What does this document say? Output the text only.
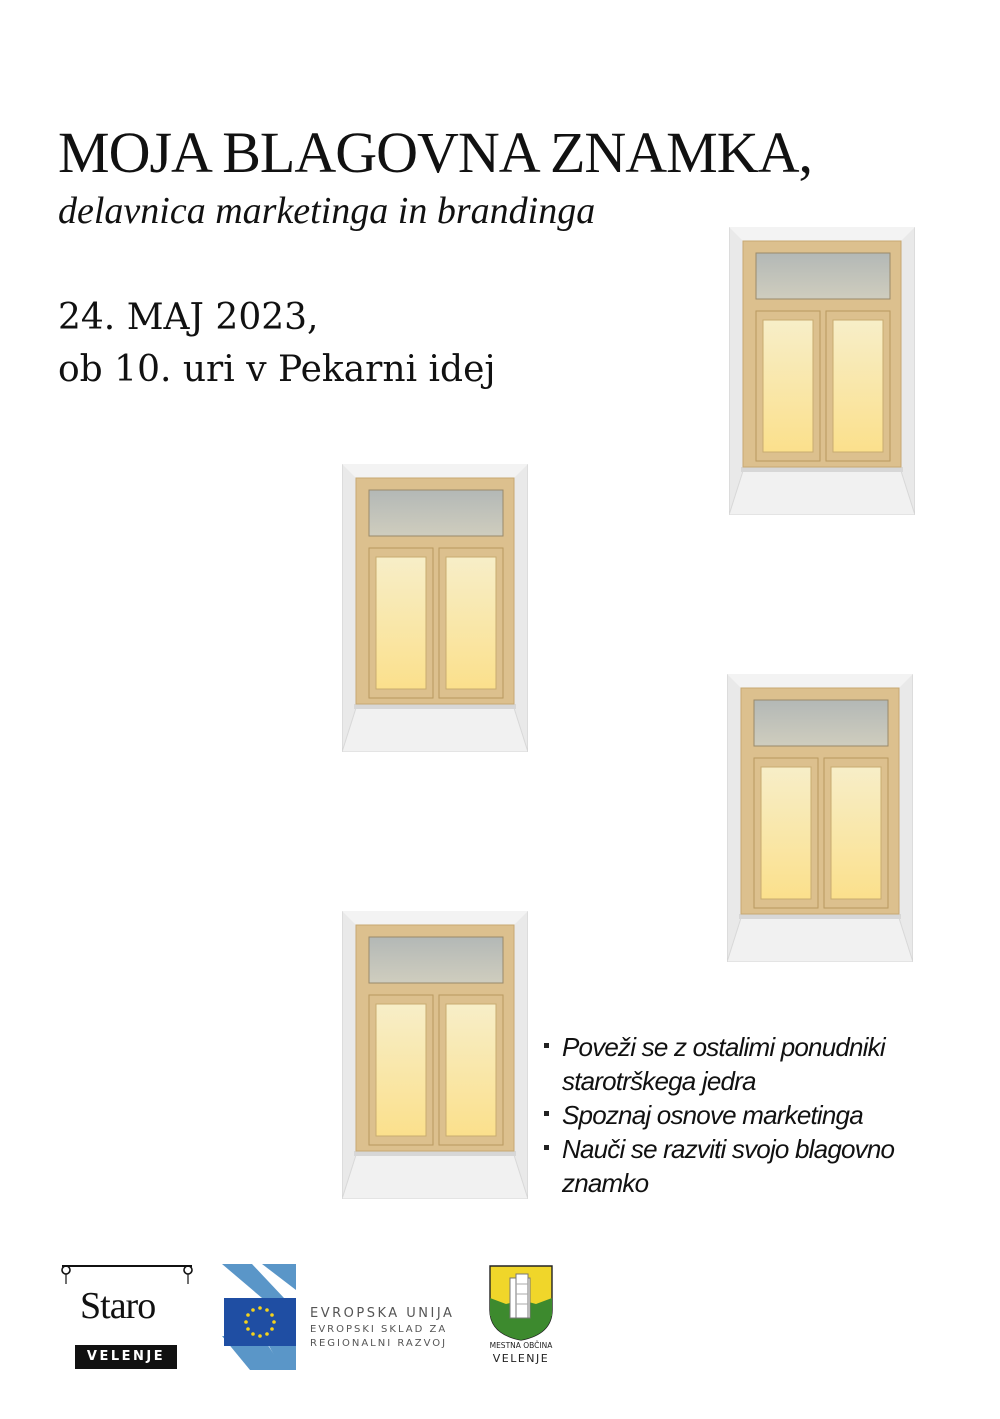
MOJA BLAGOVNA ZNAMKA,
delavnica marketinga in brandinga
24. MAJ 2023,
ob 10. uri v Pekarni idej
Poveži se z ostalimi ponudniki starotrškega jedra
Spoznaj osnove marketinga
Nauči se razviti svojo blagovno znamko
Staro
VELENJE
EVROPSKA UNIJA
EVROPSKI SKLAD ZA
REGIONALNI RAZVOJ	MESTNA OBČINA
VELENJE
